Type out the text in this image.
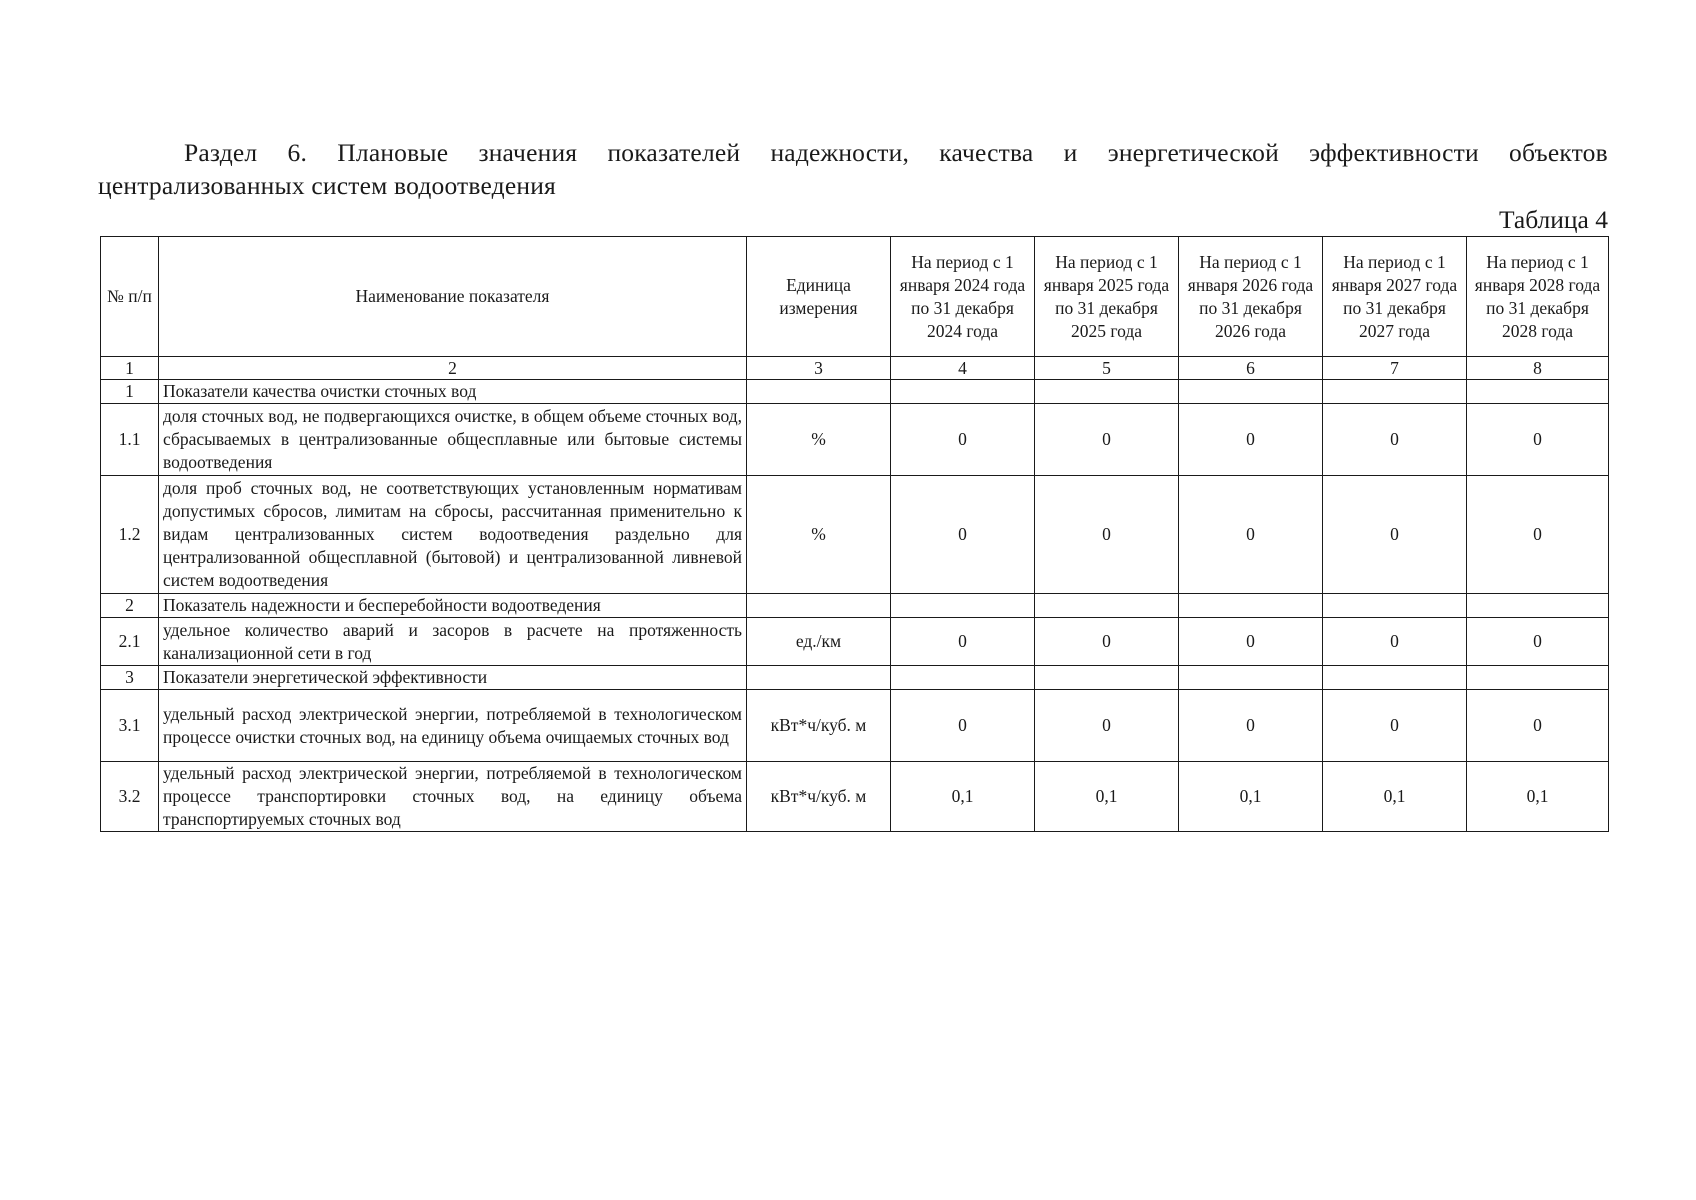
Раздел 6. Плановые значения показателей надежности, качества и энергетической эффективности объектов
централизованных систем водоотведения
Таблица 4
№ п/п	Наименование показателя	Единица измерения	На период с 1 января 2024 года по 31 декабря 2024 года	На период с 1 января 2025 года по 31 декабря 2025 года	На период с 1 января 2026 года по 31 декабря 2026 года	На период с 1 января 2027 года по 31 декабря 2027 года	На период с 1 января 2028 года по 31 декабря 2028 года
1	2	3	4	5	6	7	8
1	Показатели качества очистки сточных вод						
1.1	доля сточных вод, не подвергающихся очистке, в общем объеме сточных вод, сбрасываемых в централизованные общесплавные или бытовые системы водоотведения	%	0	0	0	0	0
1.2	доля проб сточных вод, не соответствующих установленным нормативам допустимых сбросов, лимитам на сбросы, рассчитанная применительно к видам централизованных систем водоотведения раздельно для централизованной общесплавной (бытовой) и централизованной ливневой систем водоотведения	%	0	0	0	0	0
2	Показатель надежности и бесперебойности водоотведения						
2.1	удельное количество аварий и засоров в расчете на протяженность канализационной сети в год	ед./км	0	0	0	0	0
3	Показатели энергетической эффективности						
3.1	удельный расход электрической энергии, потребляемой в технологическом процессе очистки сточных вод, на единицу объема очищаемых сточных вод	кВт*ч/куб. м	0	0	0	0	0
3.2	удельный расход электрической энергии, потребляемой в технологическом процессе транспортировки сточных вод, на единицу объема транспортируемых сточных вод	кВт*ч/куб. м	0,1	0,1	0,1	0,1	0,1
